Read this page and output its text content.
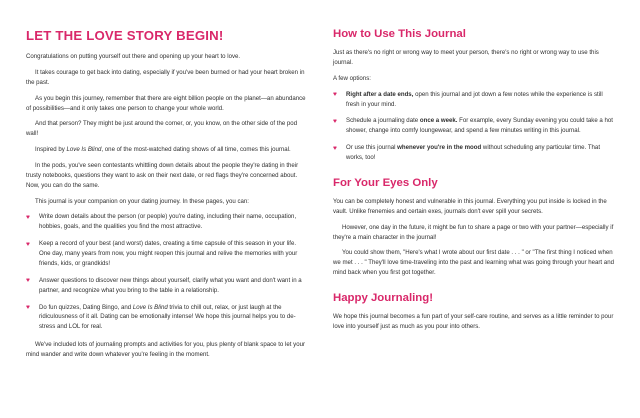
LET THE LOVE STORY BEGIN!

Congratulations on putting yourself out there and opening up your heart to love.

It takes courage to get back into dating, especially if you've been burned or had your heart broken in the past.

As you begin this journey, remember that there are eight billion people on the planet—an abundance of possibilities—and it only takes one person to change your whole world.

And that person? They might be just around the corner, or, you know, on the other side of the pod wall!

Inspired by Love Is Blind, one of the most-watched dating shows of all time, comes this journal.

In the pods, you've seen contestants whittling down details about the people they're dating in their trusty notebooks, questions they want to ask on their next date, or red flags they're concerned about. Now, you can do the same.

This journal is your companion on your dating journey. In these pages, you can:

♥ Write down details about the person (or people) you're dating, including their name, occupation, hobbies, goals, and the qualities you find the most attractive.
♥ Keep a record of your best (and worst) dates, creating a time capsule of this season in your life. One day, many years from now, you might reopen this journal and relive the memories with your friends, kids, or grandkids!
♥ Answer questions to discover new things about yourself, clarify what you want and don't want in a partner, and recognize what you bring to the table in a relationship.
♥ Do fun quizzes, Dating Bingo, and Love Is Blind trivia to chill out, relax, or just laugh at the ridiculousness of it all. Dating can be emotionally intense! We hope this journal helps you to de-stress and LOL for real.

We've included lots of journaling prompts and activities for you, plus plenty of blank space to let your mind wander and write down whatever you're feeling in the moment.

How to Use This Journal

Just as there's no right or wrong way to meet your person, there's no right or wrong way to use this journal.

A few options:

♥ Right after a date ends, open this journal and jot down a few notes while the experience is still fresh in your mind.
♥ Schedule a journaling date once a week. For example, every Sunday evening you could take a hot shower, change into comfy loungewear, and spend a few minutes writing in this journal.
♥ Or use this journal whenever you're in the mood without scheduling any particular time. That works, too!
For Your Eyes Only

You can be completely honest and vulnerable in this journal. Everything you put inside is locked in the vault. Unlike frenemies and certain exes, journals don't ever spill your secrets.

However, one day in the future, it might be fun to share a page or two with your partner—especially if they're a main character in the journal!

You could show them, "Here's what I wrote about our first date . . . " or "The first thing I noticed when we met . . . " They'll love time-traveling into the past and learning what was going through your heart and mind back when you first got together.

Happy Journaling!

We hope this journal becomes a fun part of your self-care routine, and serves as a little reminder to pour love into yourself just as much as you pour into others.
